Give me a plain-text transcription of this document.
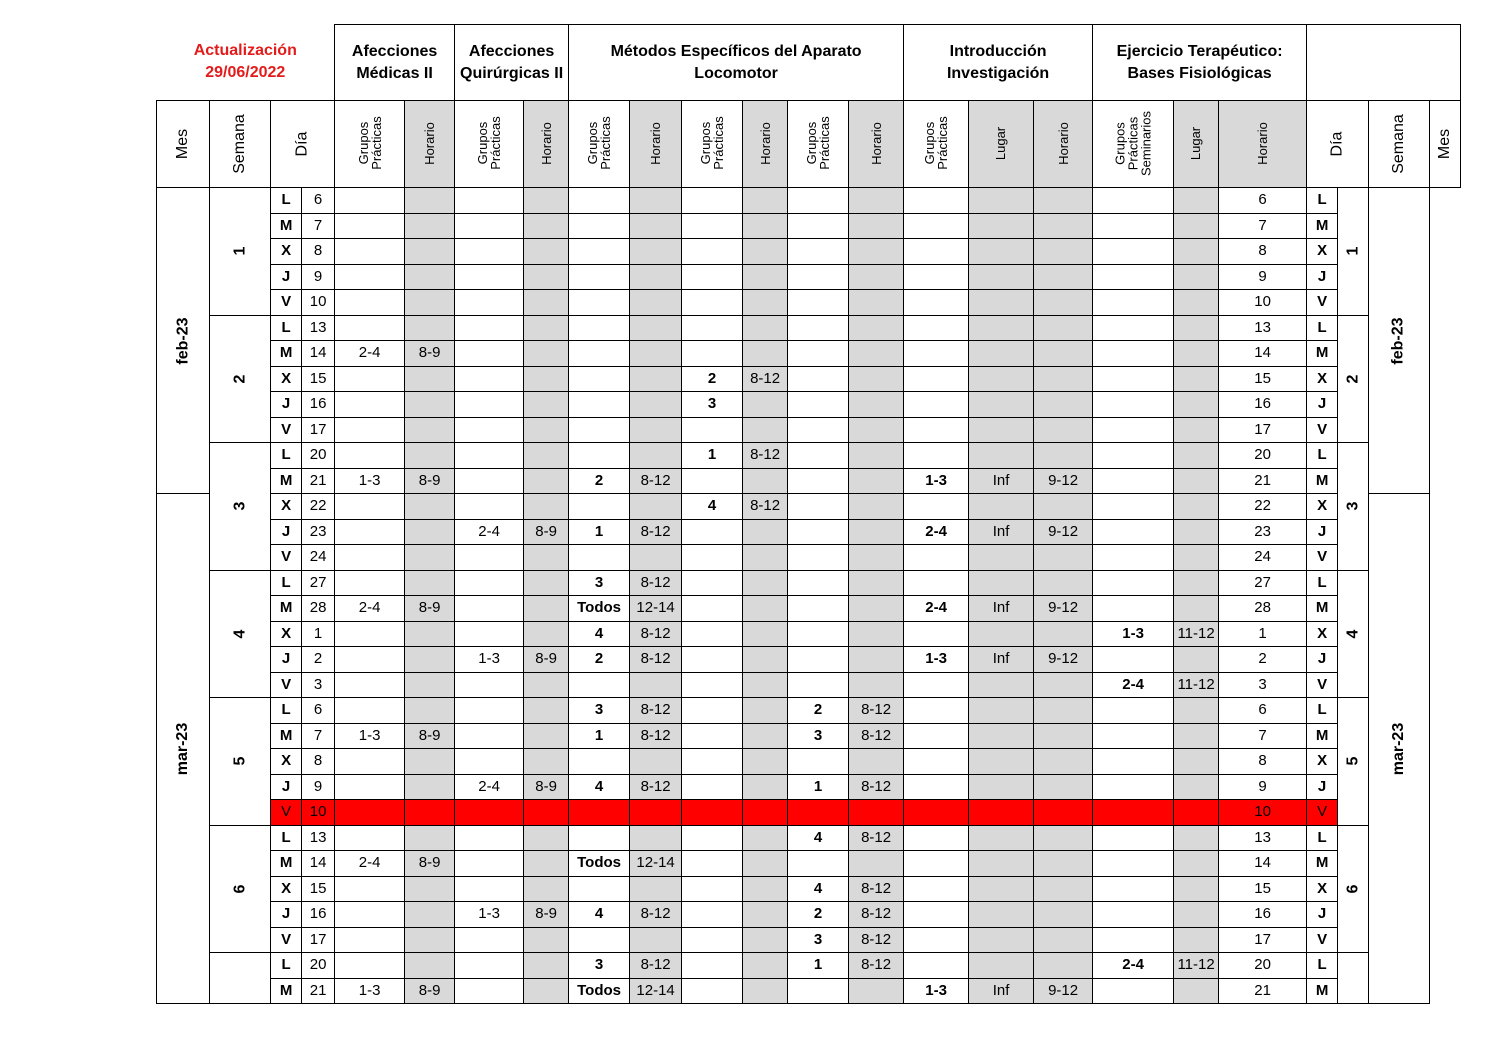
Actualización
29/06/2022				Afecciones Médicas II		Afecciones Quirúrgicas II		Métodos Específicos del Aparato Locomotor						Introducción Investigación			Ejercicio Terapéutico: Bases Fisiológicas						
Mes	Semana	Día		Grupos Prácticas	Horario	Grupos Prácticas	Horario	Grupos Prácticas	Horario	Grupos Prácticas	Horario	Grupos Prácticas	Horario	Grupos Prácticas	Lugar	Horario	Grupos Prácticas Seminarios	Lugar	Horario	Día		Semana	Mes
feb-23	1	L	6																6	L	1	feb-23	
		M	7																7	M			
		X	8																8	X			
		J	9																9	J			
		V	10																10	V			
	2	L	13																13	L	2		
		M	14	2-4	8-9														14	M			
		X	15							2	8-12								15	X			
		J	16							3									16	J			
		V	17																17	V			
	3	L	20							1	8-12								20	L	3		
		M	21	1-3	8-9			2	8-12					1-3	Inf	9-12			21	M			
mar-23		X	22							4	8-12								22	X		mar-23	
		J	23			2-4	8-9	1	8-12					2-4	Inf	9-12			23	J			
		V	24																24	V			
	4	L	27					3	8-12										27	L	4		
		M	28	2-4	8-9			Todos	12-14					2-4	Inf	9-12			28	M			
		X	1					4	8-12								1-3	11-12	1	X			
		J	2			1-3	8-9	2	8-12					1-3	Inf	9-12			2	J			
		V	3														2-4	11-12	3	V			
	5	L	6					3	8-12			2	8-12						6	L	5		
		M	7	1-3	8-9			1	8-12			3	8-12						7	M			
		X	8																8	X			
		J	9			2-4	8-9	4	8-12			1	8-12						9	J			
		V	10																10	V			
	6	L	13									4	8-12						13	L	6		
		M	14	2-4	8-9			Todos	12-14										14	M			
		X	15									4	8-12						15	X			
		J	16			1-3	8-9	4	8-12			2	8-12						16	J			
		V	17									3	8-12						17	V			
		L	20					3	8-12			1	8-12				2-4	11-12	20	L			
		M	21	1-3	8-9			Todos	12-14					1-3	Inf	9-12			21	M			
